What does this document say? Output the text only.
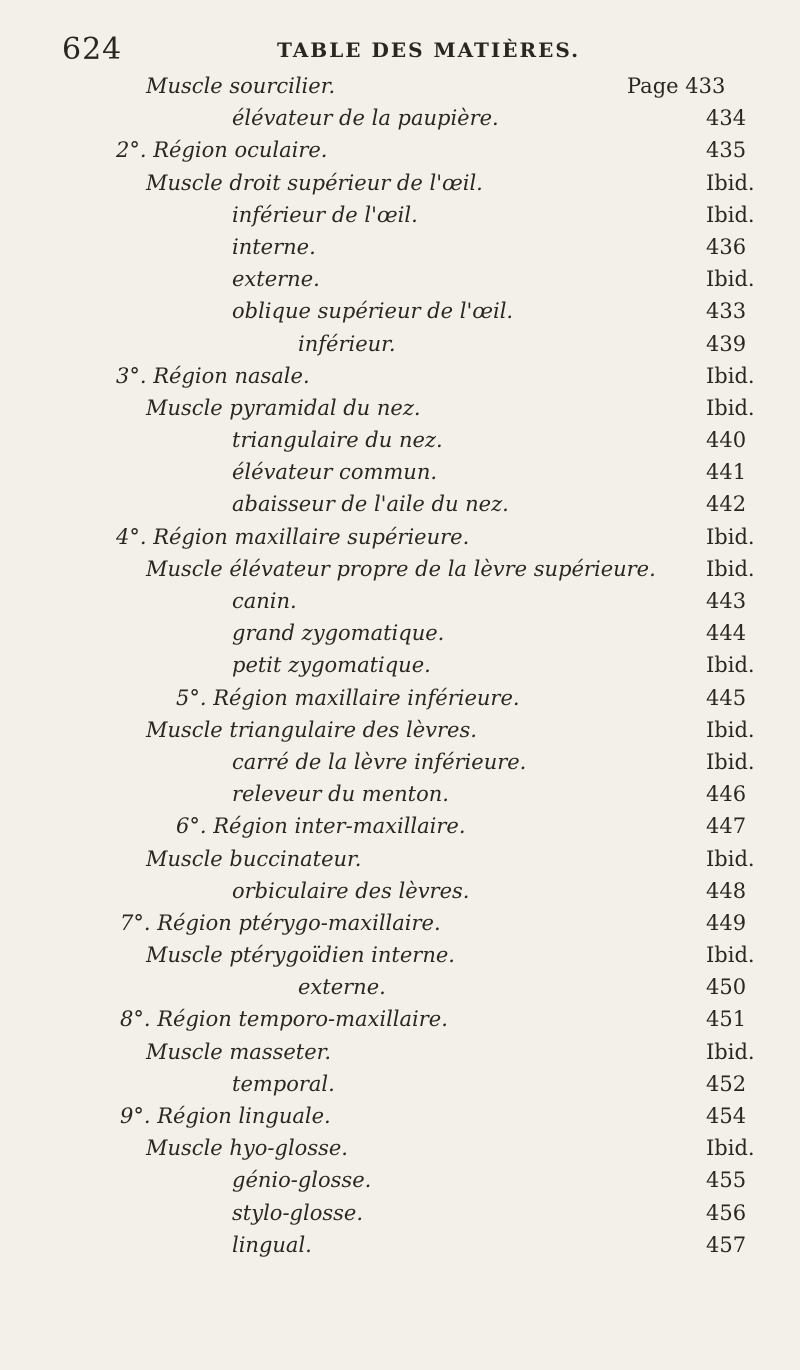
624	TABLE DES MATIÈRES.
Muscle sourcilier.	Page 433
élévateur de la paupière.	434
2°. Région oculaire.	435
Muscle droit supérieur de l'œil.	Ibid.
inférieur de l'œil.	Ibid.
interne.	436
externe.	Ibid.
oblique supérieur de l'œil.	433
inférieur.	439
3°. Région nasale.	Ibid.
Muscle pyramidal du nez.	Ibid.
triangulaire du nez.	440
élévateur commun.	441
abaisseur de l'aile du nez.	442
4°. Région maxillaire supérieure.	Ibid.
Muscle élévateur propre de la lèvre supérieure. Ibid.
canin.	443
grand zygomatique.	444
petit zygomatique.	Ibid.
5°. Région maxillaire inférieure.	445
Muscle triangulaire des lèvres.	Ibid.
carré de la lèvre inférieure.	Ibid.
releveur du menton.	446
6°. Région inter-maxillaire.	447
Muscle buccinateur.	Ibid.
orbiculaire des lèvres.	448
7°. Région ptérygo-maxillaire.	449
Muscle ptérygoïdien interne.	Ibid.
externe.	450
8°. Région temporo-maxillaire.	451
Muscle masseter.	Ibid.
temporal.	452
9°. Région linguale.	454
Muscle hyo-glosse.	Ibid.
génio-glosse.	455
stylo-glosse.	456
lingual.	457
